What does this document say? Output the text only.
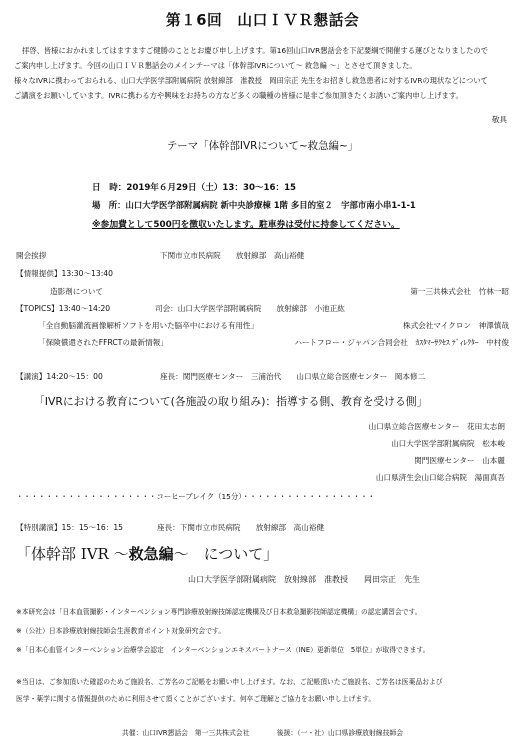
第１6回　山口ＩＶＲ懇話会
拝啓、皆様におかれましてはますますご健勝のこととお慶び申し上げます。第16回山口IVR懇話会を下記要綱で開催する運びとなりましたので
ご案内申し上げます。今回の山口ＩＶＲ懇話会のメインテーマは「体幹部IVRについて～ 救急編 ～」とさせて頂きました。
様々なIVRに携わっておられる、山口大学医学部附属病院 放射線部　准教授　岡田宗正 先生をお招きし救急患者に対するIVRの現状などについて
ご講演をお願いしています。IVRに携わる方や興味をお持ちの方など多くの職種の皆様に是非ご参加頂きたくお誘いご案内申し上げます。
敬具
テーマ「体幹部IVRについて~救急編~」
日　時：2019年６月29日（土）13：30～16：15
場　所：山口大学医学部附属病院 新中央診療棟 1階 多目的室２　宇部市南小串1-1-1
※参加費として500円を徴収いたします。駐車券は受付に持参してください。
開会挨拶	下関市立市民病院　　放射線部　高山裕健
【情報提供】13:30～13:40
造影剤について	第一三共株式会社　竹林一昭
【TOPICS】13:40～14:20	司会：山口大学医学部附属病院　　放射線部　小池正紘
「全自動脳灌流画像解析ソフトを用いた脳卒中における有用性」	株式会社マイクロン　神澤慎哉
「保険償還されたFFRCTの最新情報」	ハートフロー・ジャパン合同会社　ｶｽﾀﾏｰｻｸｾｽ ﾃﾞｨﾚｸﾀｰ　中村俊
【講演】14:20～15：00	座長：関門医療センター　三浦治代　　山口県立総合医療センター　岡本修二
「IVRにおける教育について(各施設の取り組み)：指導する側、教育を受ける側」
山口県立総合医療センター　花田太志朗
山口大学医学部附属病院　松本峻
関門医療センター　山本麗
山口県済生会山口総合病院　湯面真吾
・・・・・・・・・・・・・・・・・・・コーヒーブレイク（15分）・・・・・・・・・・・・・・・・・・
【特別講演】15：15～16：15	座長：下関市立市民病院　　放射線部　高山裕健
「体幹部 IVR ～救急編～　について」
山口大学医学部附属病院　放射線部　准教授　　岡田宗正　先生
※本研究会は「日本血管撮影・インターベンション専門診療放射線技師認定機構及び日本救急撮影技師認定機構」の認定講習会です。
※（公社）日本診療放射線技師会生涯教育ポイント対象研究会です。
※「日本心血管インターベンション治療学会認定　インターベンションエキスパートナース（INE）更新単位　5単位」が取得できます。
※当日は、ご参加頂いた確認のためご施設名、ご芳名のご記帳をお願い申し上げます。なお、ご記帳頂いたご施設名、ご芳名は医薬品および
医学・薬学に関する情報提供のために利用させて頂くことがございます。何卒ご理解とご協力をお願い申し上げます。
共催：山口IVR懇話会　第一三共株式会社　　　　後援：（一・社）山口県診療放射線技師会
